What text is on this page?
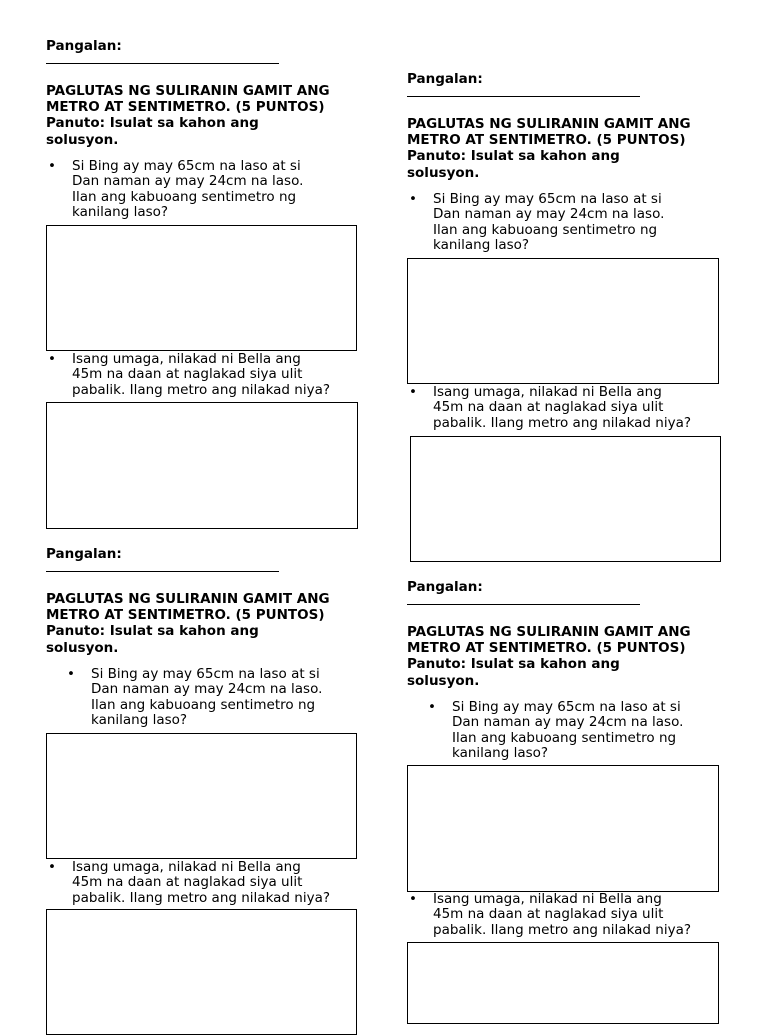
Pangalan:
PAGLUTAS NG SULIRANIN GAMIT ANG
METRO AT SENTIMETRO. (5 PUNTOS)
Panuto: Isulat sa kahon ang
solusyon.
• Si Bing ay may 65cm na laso at si
Dan naman ay may 24cm na laso.
Ilan ang kabuoang sentimetro ng
kanilang laso?
• Isang umaga, nilakad ni Bella ang
45m na daan at naglakad siya ulit
pabalik. Ilang metro ang nilakad niya?
Pangalan:
PAGLUTAS NG SULIRANIN GAMIT ANG
METRO AT SENTIMETRO. (5 PUNTOS)
Panuto: Isulat sa kahon ang
solusyon.
• Si Bing ay may 65cm na laso at si
Dan naman ay may 24cm na laso.
Ilan ang kabuoang sentimetro ng
kanilang laso?
• Isang umaga, nilakad ni Bella ang
45m na daan at naglakad siya ulit
pabalik. Ilang metro ang nilakad niya?
Pangalan:
PAGLUTAS NG SULIRANIN GAMIT ANG
METRO AT SENTIMETRO. (5 PUNTOS)
Panuto: Isulat sa kahon ang
solusyon.
• Si Bing ay may 65cm na laso at si
Dan naman ay may 24cm na laso.
Ilan ang kabuoang sentimetro ng
kanilang laso?
• Isang umaga, nilakad ni Bella ang
45m na daan at naglakad siya ulit
pabalik. Ilang metro ang nilakad niya?
Pangalan:
PAGLUTAS NG SULIRANIN GAMIT ANG
METRO AT SENTIMETRO. (5 PUNTOS)
Panuto: Isulat sa kahon ang
solusyon.
• Si Bing ay may 65cm na laso at si
Dan naman ay may 24cm na laso.
Ilan ang kabuoang sentimetro ng
kanilang laso?
• Isang umaga, nilakad ni Bella ang
45m na daan at naglakad siya ulit
pabalik. Ilang metro ang nilakad niya?
